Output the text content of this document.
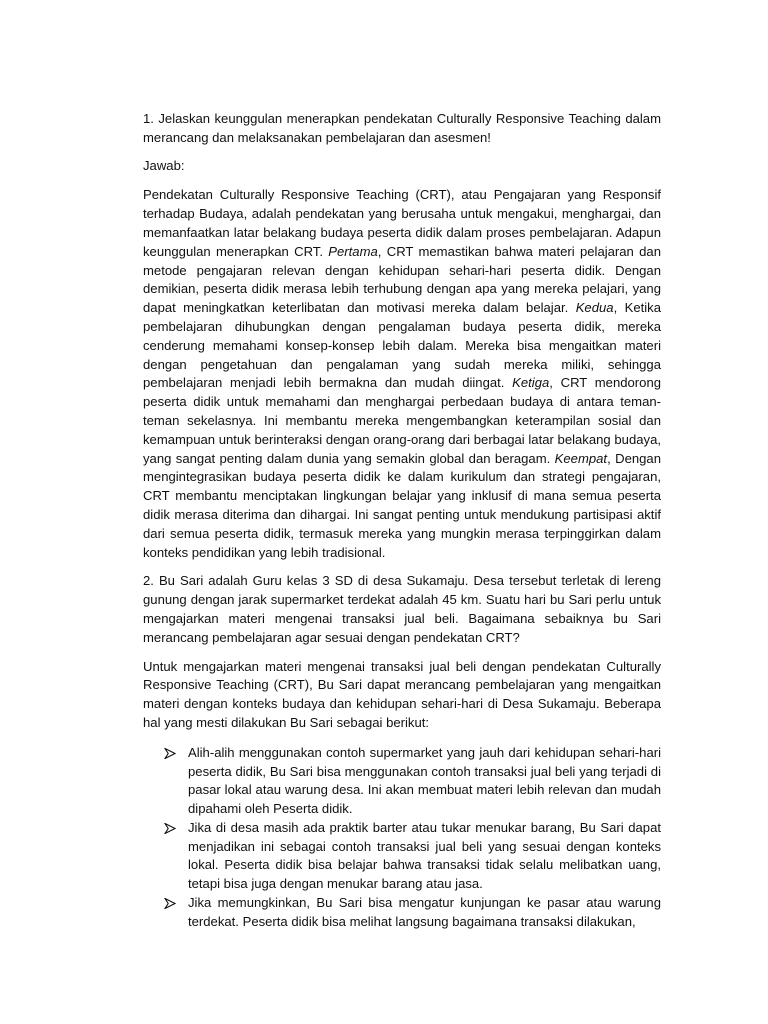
1. Jelaskan keunggulan menerapkan pendekatan Culturally Responsive Teaching dalam merancang dan melaksanakan pembelajaran dan asesmen!

Jawab:

Pendekatan Culturally Responsive Teaching (CRT), atau Pengajaran yang Responsif terhadap Budaya, adalah pendekatan yang berusaha untuk mengakui, menghargai, dan memanfaatkan latar belakang budaya peserta didik dalam proses pembelajaran. Adapun keunggulan menerapkan CRT. Pertama, CRT memastikan bahwa materi pelajaran dan metode pengajaran relevan dengan kehidupan sehari-hari peserta didik. Dengan demikian, peserta didik merasa lebih terhubung dengan apa yang mereka pelajari, yang dapat meningkatkan keterlibatan dan motivasi mereka dalam belajar. Kedua, Ketika pembelajaran dihubungkan dengan pengalaman budaya peserta didik, mereka cenderung memahami konsep-konsep lebih dalam. Mereka bisa mengaitkan materi dengan pengetahuan dan pengalaman yang sudah mereka miliki, sehingga pembelajaran menjadi lebih bermakna dan mudah diingat. Ketiga, CRT mendorong peserta didik untuk memahami dan menghargai perbedaan budaya di antara teman-teman sekelasnya. Ini membantu mereka mengembangkan keterampilan sosial dan kemampuan untuk berinteraksi dengan orang-orang dari berbagai latar belakang budaya, yang sangat penting dalam dunia yang semakin global dan beragam. Keempat, Dengan mengintegrasikan budaya peserta didik ke dalam kurikulum dan strategi pengajaran, CRT membantu menciptakan lingkungan belajar yang inklusif di mana semua peserta didik merasa diterima dan dihargai. Ini sangat penting untuk mendukung partisipasi aktif dari semua peserta didik, termasuk mereka yang mungkin merasa terpinggirkan dalam konteks pendidikan yang lebih tradisional.

2. Bu Sari adalah Guru kelas 3 SD di desa Sukamaju. Desa tersebut terletak di lereng gunung dengan jarak supermarket terdekat adalah 45 km. Suatu hari bu Sari perlu untuk mengajarkan materi mengenai transaksi jual beli. Bagaimana sebaiknya bu Sari merancang pembelajaran agar sesuai dengan pendekatan CRT?

Untuk mengajarkan materi mengenai transaksi jual beli dengan pendekatan Culturally Responsive Teaching (CRT), Bu Sari dapat merancang pembelajaran yang mengaitkan materi dengan konteks budaya dan kehidupan sehari-hari di Desa Sukamaju. Beberapa hal yang mesti dilakukan Bu Sari sebagai berikut:

Alih-alih menggunakan contoh supermarket yang jauh dari kehidupan sehari-hari peserta didik, Bu Sari bisa menggunakan contoh transaksi jual beli yang terjadi di pasar lokal atau warung desa. Ini akan membuat materi lebih relevan dan mudah dipahami oleh Peserta didik.
Jika di desa masih ada praktik barter atau tukar menukar barang, Bu Sari dapat menjadikan ini sebagai contoh transaksi jual beli yang sesuai dengan konteks lokal. Peserta didik bisa belajar bahwa transaksi tidak selalu melibatkan uang, tetapi bisa juga dengan menukar barang atau jasa.
Jika memungkinkan, Bu Sari bisa mengatur kunjungan ke pasar atau warung terdekat. Peserta didik bisa melihat langsung bagaimana transaksi dilakukan,
